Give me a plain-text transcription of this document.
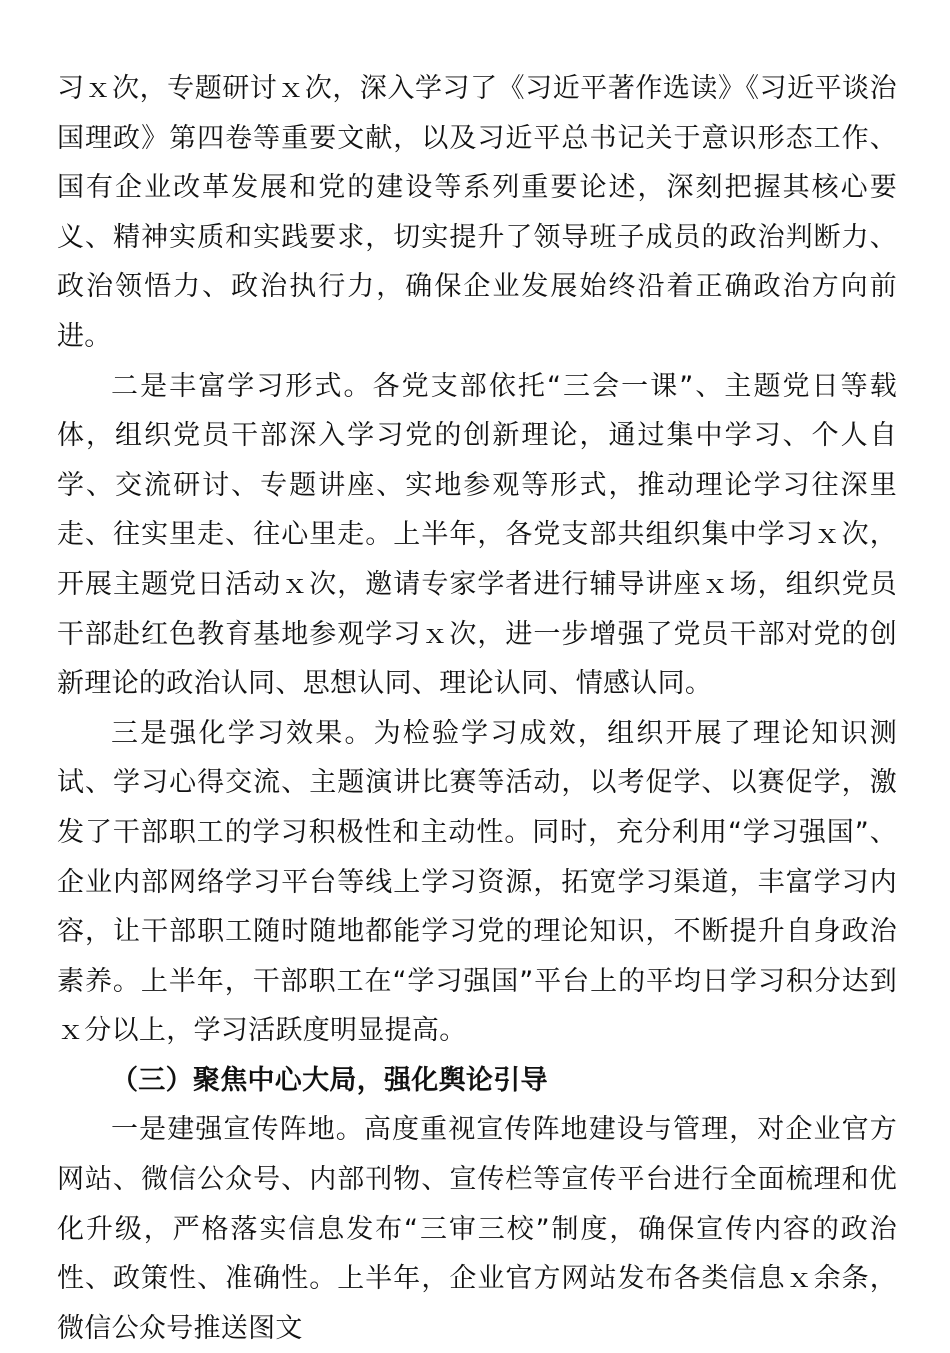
习ｘ次，专题研讨ｘ次，深入学习了《习近平著作选读》《习近平谈治国理政》第四卷等重要文献，以及习近平总书记关于意识形态工作、国有企业改革发展和党的建设等系列重要论述，深刻把握其核心要义、精神实质和实践要求，切实提升了领导班子成员的政治判断力、政治领悟力、政治执行力，确保企业发展始终沿着正确政治方向前进。

二是丰富学习形式。各党支部依托“三会一课”、主题党日等载体，组织党员干部深入学习党的创新理论，通过集中学习、个人自学、交流研讨、专题讲座、实地参观等形式，推动理论学习往深里走、往实里走、往心里走。上半年，各党支部共组织集中学习ｘ次，开展主题党日活动ｘ次，邀请专家学者进行辅导讲座ｘ场，组织党员干部赴红色教育基地参观学习ｘ次，进一步增强了党员干部对党的创新理论的政治认同、思想认同、理论认同、情感认同。

三是强化学习效果。为检验学习成效，组织开展了理论知识测试、学习心得交流、主题演讲比赛等活动，以考促学、以赛促学，激发了干部职工的学习积极性和主动性。同时，充分利用“学习强国”、企业内部网络学习平台等线上学习资源，拓宽学习渠道，丰富学习内容，让干部职工随时随地都能学习党的理论知识，不断提升自身政治素养。上半年，干部职工在“学习强国”平台上的平均日学习积分达到ｘ分以上，学习活跃度明显提高。

（三）聚焦中心大局，强化舆论引导

一是建强宣传阵地。高度重视宣传阵地建设与管理，对企业官方网站、微信公众号、内部刊物、宣传栏等宣传平台进行全面梳理和优化升级，严格落实信息发布“三审三校”制度，确保宣传内容的政治性、政策性、准确性。上半年，企业官方网站发布各类信息ｘ余条，微信公众号推送图文
